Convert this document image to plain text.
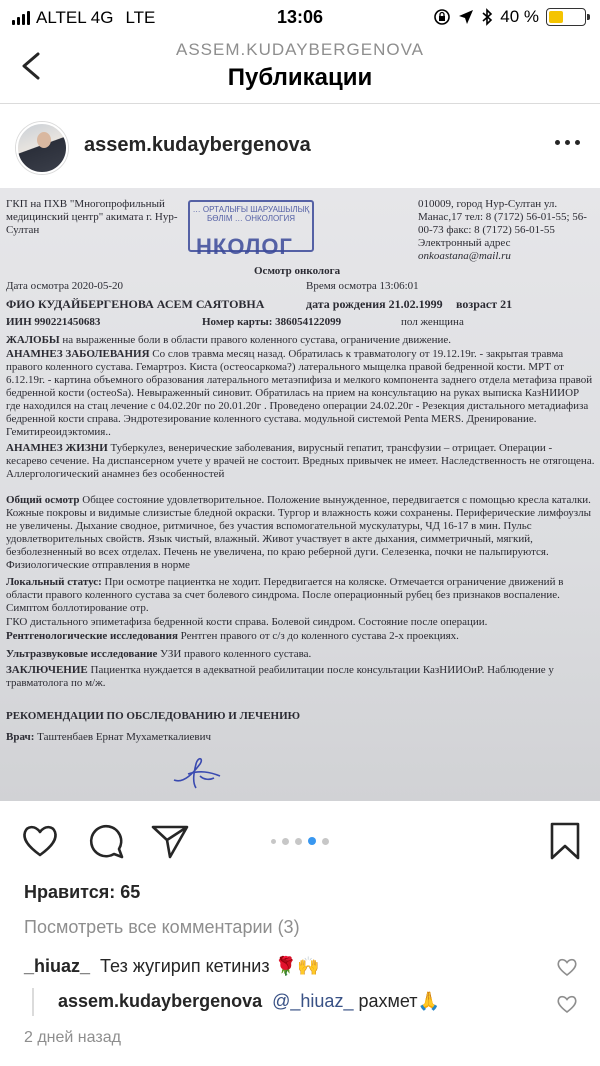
ALTEL 4G LTE	13:06	40 %
ASSEM.KUDAYBERGENOVA
Публикации
assem.kudaybergenova
ГКП на ПХВ "Многопрофильный медицинский центр" акимата г. Нур-Султан
010009, город Нур-Султан ул. Манас,17 тел: 8 (7172) 56-01-55; 56-00-73 факс: 8 (7172) 56-01-55 Электронный адрес onkoastana@mail.ru
… ОРТАЛЫҒЫ ШАРУАШЫЛЫҚ БӨЛІМ … ОНКОЛОГИЯ
НКОЛОГ
Осмотр онколога
Дата осмотра 2020-05-20	Время осмотра 13:06:01
ФИО КУДАЙБЕРГЕНОВА АСЕМ САЯТОВНА	дата рождения 21.02.1999 возраст 21
ИИН 990221450683	Номер карты: 386054122099	пол женщина
ЖАЛОБЫ на выраженные боли в области правого коленного сустава, ограничение движение.
АНАМНЕЗ ЗАБОЛЕВАНИЯ Со слов травма месяц назад. Обратилась к травматологу от 19.12.19г. - закрытая травма правого коленного сустава. Гемартроз. Киста (остеосаркома?) латерального мыщелка правой бедренной кости. МРТ от 6.12.19г. - картина объемного образования латерального метаэпифиза и мелкого компонента заднего отдела метафиза правой бедренной кости (остеоSa). Невыраженный синовит. Обратилась на прием на консультацию на руках выписка КазНИИОР где находился на стац лечение с 04.02.20г по 20.01.20г . Проведено операции 24.02.20г - Резекция дистального метадиафиза бедренной кости справа. Эндротезирование коленного сустава. модульной системой Penta MERS. Дренирование. Гемитиреоидэктомия..
АНАМНЕЗ ЖИЗНИ Туберкулез, венерические заболевания, вирусный гепатит, трансфузии – отрицает. Операции - кесарево сечение. На диспансерном учете у врачей не состоит. Вредных привычек не имеет. Наследственность не отягощена. Аллергологический анамнез без особенностей
Общий осмотр Общее состояние удовлетворительное. Положение вынужденное, передвигается с помощью кресла каталки. Кожные покровы и видимые слизистые бледной окраски. Тургор и влажность кожи сохранены. Периферические лимфоузлы не увеличены. Дыхание сводное, ритмичное, без участия вспомогательной мускулатуры, ЧД 16-17 в мин. Пульс удовлетворительных свойств. Язык чистый, влажный. Живот участвует в акте дыхания, симметричный, мягкий, безболезненный во всех отделах. Печень не увеличена, по краю реберной дуги. Селезенка, почки не пальпируются. Физиологические отправления в норме
Локальный статус: При осмотре пациентка не ходит. Передвигается на коляске. Отмечается ограничение движений в области правого коленного сустава за счет болевого синдрома. После операционный рубец без признаков воспаление. Симптом боллотирование отр.
ГКО дистального эпиметафиза бедренной кости справа. Болевой синдром. Состояние после операции.
Рентгенологические исследования Рентген правого от с/з до коленного сустава 2-х проекциях.
Ультразвуковые исследование УЗИ правого коленного сустава.
ЗАКЛЮЧЕНИЕ Пациентка нуждается в адекватной реабилитации после консультации КазНИИОиР. Наблюдение у травматолога по м/ж.
РЕКОМЕНДАЦИИ ПО ОБСЛЕДОВАНИЮ И ЛЕЧЕНИЮ
Врач: Таштенбаев Ернат Мухаметкалиевич
Нравится: 65
Посмотреть все комментарии (3)
_hiuaz_ Тез жугирип кетиниз 🌹🙌
assem.kudaybergenova @_hiuaz_ рахмет🙏
2 дней назад
